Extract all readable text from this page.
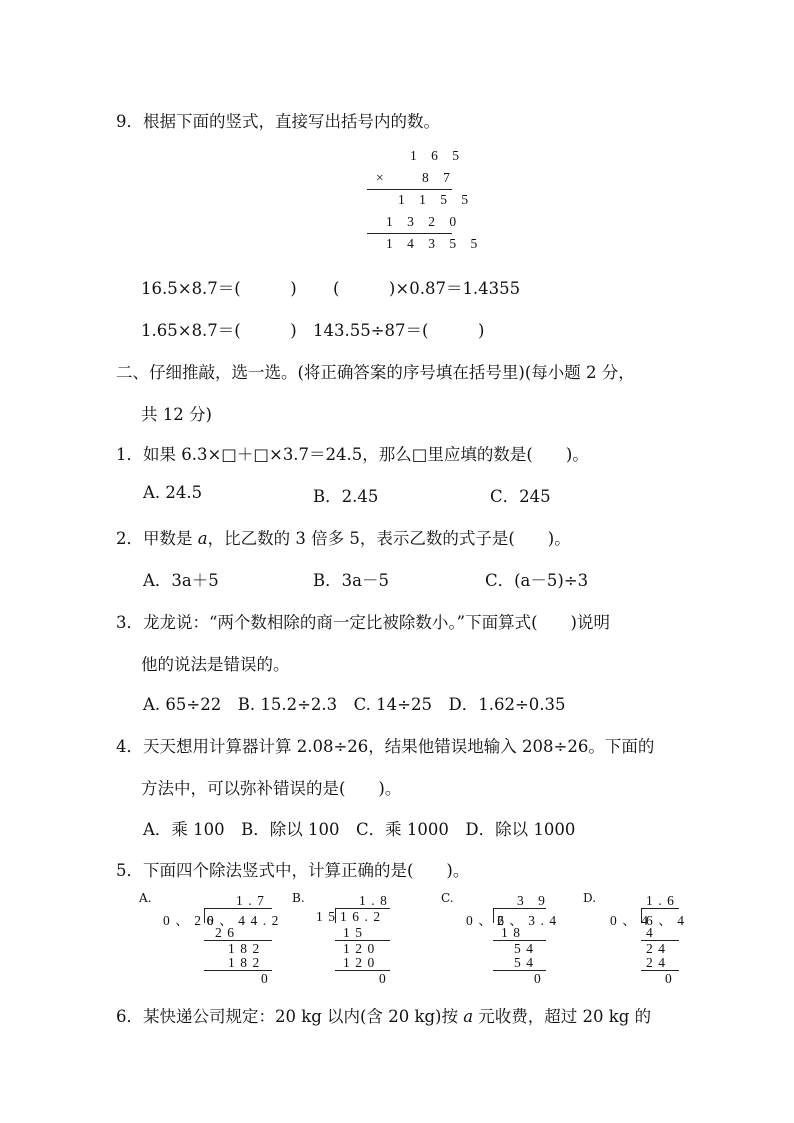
9．根据下面的竖式，直接写出括号内的数。
1 6 5
× 8 7
1 1 5 5
1 3 2 0
1 4 3 5 5
16.5×8.7＝(　　　) (　　　)×0.87＝1.4355
1.65×8.7＝(　　　) 143.55÷87＝(　　　)
二、仔细推敲，选一选。(将正确答案的序号填在括号里)(每小题 2 分，
共 12 分)
1．如果 6.3×□＋□×3.7＝24.5，那么□里应填的数是(　　)。
A. 24.5	B．2.45	C．245
2．甲数是 a，比乙数的 3 倍多 5，表示乙数的式子是(　　)。
A．3a＋5	B．3a－5	C．(a－5)÷3
3．龙龙说：“两个数相除的商一定比被除数小。”下面算式(　　)说明
他的说法是错误的。
A. 65÷22　B. 15.2÷2.3　C. 14÷25　D．1.62÷0.35
4．天天想用计算器计算 2.08÷26，结果他错误地输入 208÷26。下面的
方法中，可以弥补错误的是(　　)。
A．乘 100　B．除以 100　C．乘 1000　D．除以 1000
5．下面四个除法竖式中，计算正确的是(　　)。
A.	1.7
0、26
0、44.2
26
182
182
0
B.	1.8
15 16.2
15
120
120
0
C.	3 9
0、6
2、3.4
18
54
54
0
D.	1.6
0、4
6、4
4
24
24
0
6．某快递公司规定：20 kg 以内(含 20 kg)按 a 元收费，超过 20 kg 的
